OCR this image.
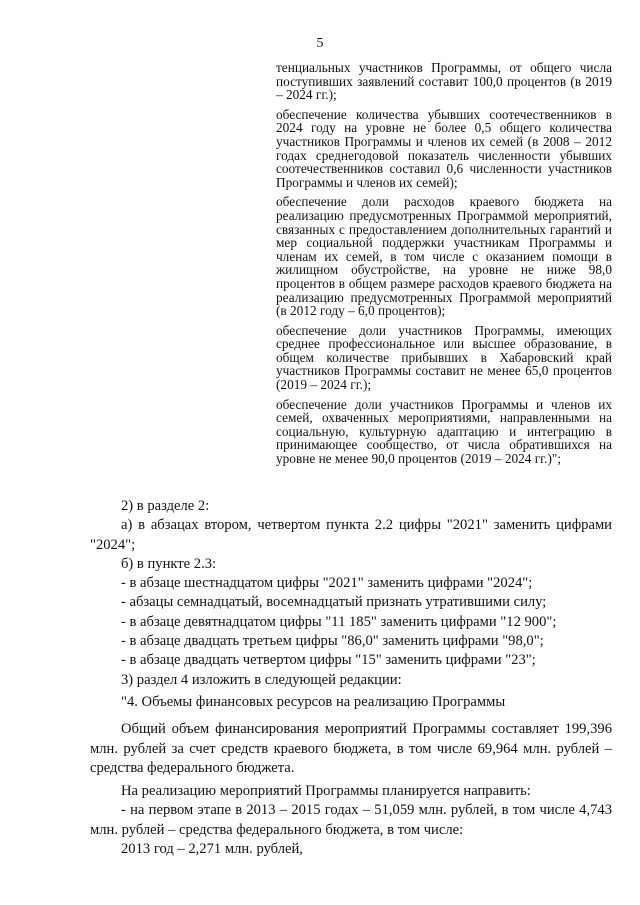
5

тенциальных участников Программы, от общего числа поступивших заявлений составит 100,0 процентов (в 2019 – 2024 гг.);

обеспечение количества убывших соотечественников в 2024 году на уровне не более 0,5 общего количества участников Программы и членов их семей (в 2008 – 2012 годах среднегодовой показатель численности убывших соотечественников составил 0,6 численности участников Программы и членов их семей);

обеспечение доли расходов краевого бюджета на реализацию предусмотренных Программой мероприятий, связанных с предоставлением дополнительных гарантий и мер социальной поддержки участникам Программы и членам их семей, в том числе с оказанием помощи в жилищном обустройстве, на уровне не ниже 98,0 процентов в общем размере расходов краевого бюджета на реализацию предусмотренных Программой мероприятий (в 2012 году – 6,0 процентов);

обеспечение доли участников Программы, имеющих среднее профессиональное или высшее образование, в общем количестве прибывших в Хабаровский край участников Программы составит не менее 65,0 процентов (2019 – 2024 гг.);

обеспечение доли участников Программы и членов их семей, охваченных мероприятиями, направленными на социальную, культурную адаптацию и интеграцию в принимающее сообщество, от числа обратившихся на уровне не менее 90,0 процентов (2019 – 2024 гг.)";

2) в разделе 2:

а) в абзацах втором, четвертом пункта 2.2 цифры "2021" заменить цифрами "2024";

б) в пункте 2.3:

- в абзаце шестнадцатом цифры "2021" заменить цифрами "2024";

- абзацы семнадцатый, восемнадцатый признать утратившими силу;

- в абзаце девятнадцатом цифры "11 185" заменить цифрами "12 900";

- в абзаце двадцать третьем цифры "86,0" заменить цифрами "98,0";

- в абзаце двадцать четвертом цифры "15" заменить цифрами "23";

3) раздел 4 изложить в следующей редакции:

"4. Объемы финансовых ресурсов на реализацию Программы

Общий объем финансирования мероприятий Программы составляет 199,396 млн. рублей за счет средств краевого бюджета, в том числе 69,964 млн. рублей – средства федерального бюджета.

На реализацию мероприятий Программы планируется направить:

- на первом этапе в 2013 – 2015 годах – 51,059 млн. рублей, в том числе 4,743 млн. рублей – средства федерального бюджета, в том числе:

2013 год – 2,271 млн. рублей,
